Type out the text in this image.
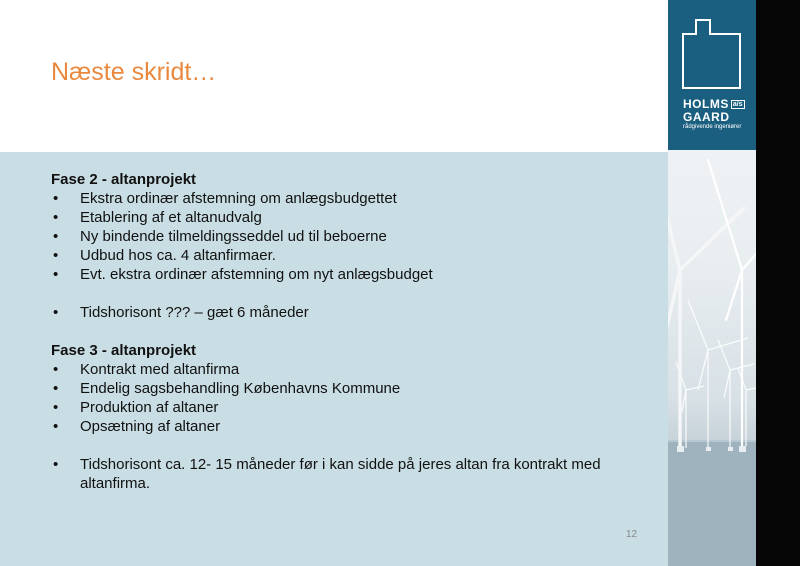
Næste skridt…

Fase 2 - altanprojekt

• Ekstra ordinær afstemning om anlægsbudgettet
• Etablering af et altanudvalg
• Ny bindende tilmeldingsseddel ud til beboerne
• Udbud hos ca. 4 altanfirmaer.
• Evt. ekstra ordinær afstemning om nyt anlægsbudget
• Tidshorisont ??? – gæt 6 måneder

Fase 3 - altanprojekt

• Kontrakt med altanfirma
• Endelig sagsbehandling Københavns Kommune
• Produktion af altaner
• Opsætning af altaner
• Tidshorisont ca. 12- 15 måneder før i kan sidde på jeres altan fra kontrakt med altanfirma.
12
HOLMS a/s
GAARD
rådgivende ingeniører
